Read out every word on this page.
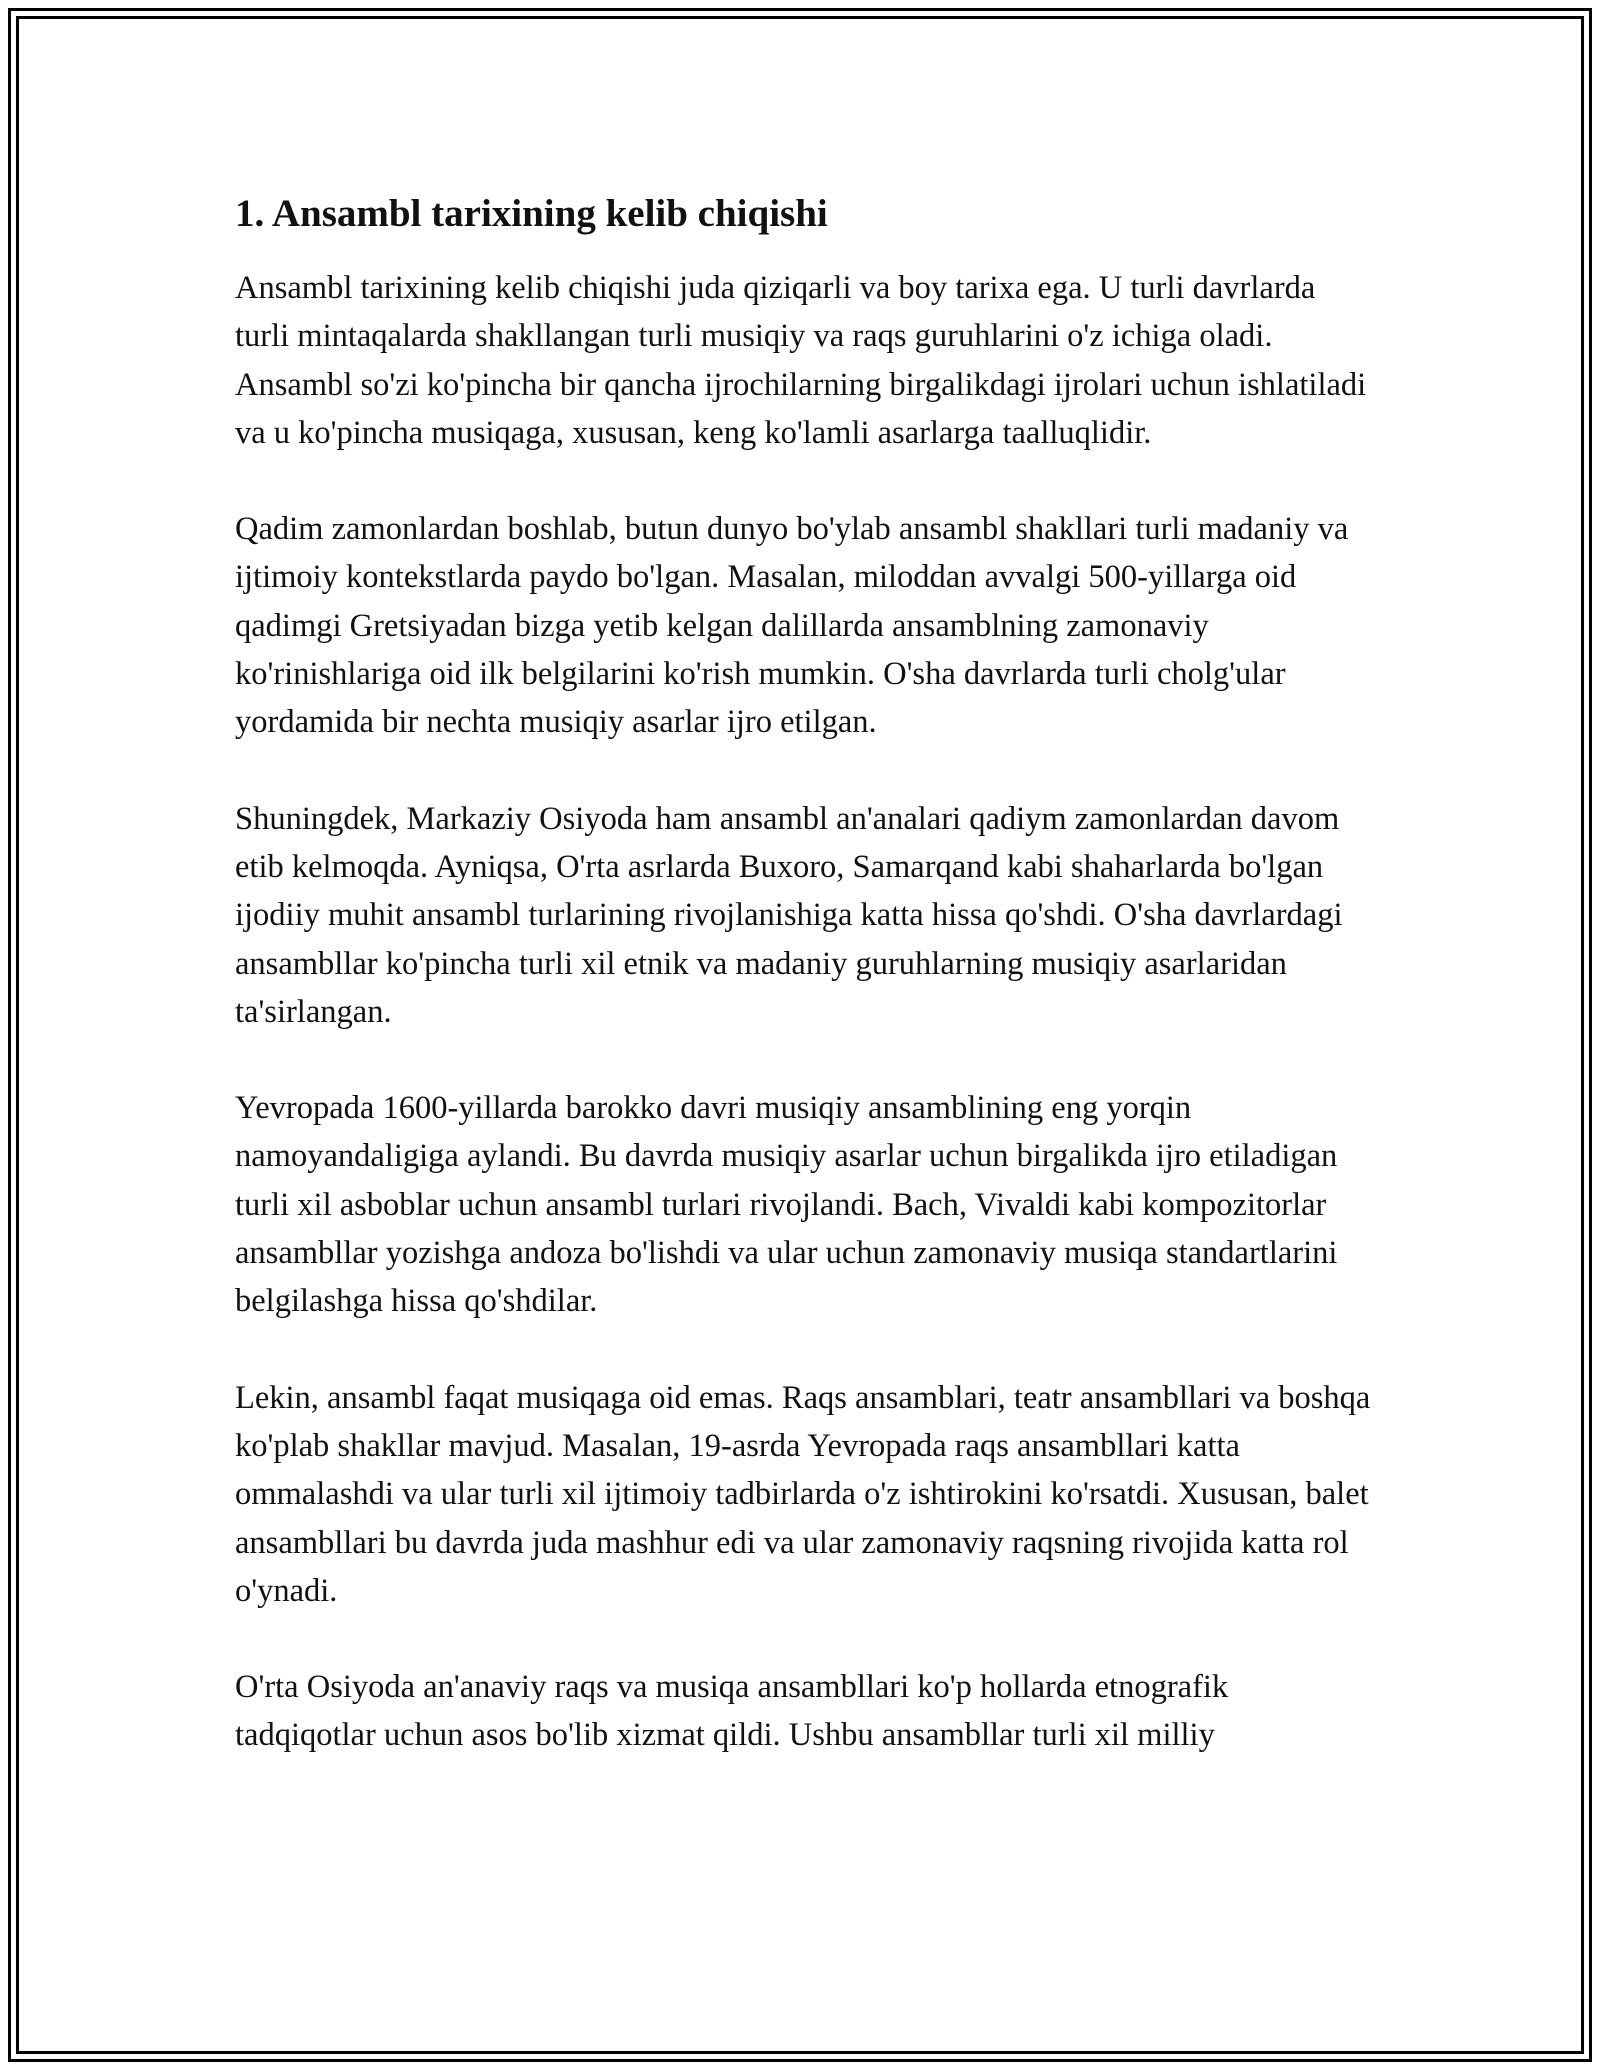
1. Ansambl tarixining kelib chiqishi

Ansambl tarixining kelib chiqishi juda qiziqarli va boy tarixa ega. U turli davrlarda turli mintaqalarda shakllangan turli musiqiy va raqs guruhlarini o'z ichiga oladi. Ansambl so'zi ko'pincha bir qancha ijrochilarning birgalikdagi ijrolari uchun ishlatiladi va u ko'pincha musiqaga, xususan, keng ko'lamli asarlarga taalluqlidir.

Qadim zamonlardan boshlab, butun dunyo bo'ylab ansambl shakllari turli madaniy va ijtimoiy kontekstlarda paydo bo'lgan. Masalan, miloddan avvalgi 500-yillarga oid qadimgi Gretsiyadan bizga yetib kelgan dalillarda ansamblning zamonaviy ko'rinishlariga oid ilk belgilarini ko'rish mumkin. O'sha davrlarda turli cholg'ular yordamida bir nechta musiqiy asarlar ijro etilgan.

Shuningdek, Markaziy Osiyoda ham ansambl an'analari qadiym zamonlardan davom etib kelmoqda. Ayniqsa, O'rta asrlarda Buxoro, Samarqand kabi shaharlarda bo'lgan ijodiiy muhit ansambl turlarining rivojlanishiga katta hissa qo'shdi. O'sha davrlardagi ansambllar ko'pincha turli xil etnik va madaniy guruhlarning musiqiy asarlaridan ta'sirlangan.

Yevropada 1600-yillarda barokko davri musiqiy ansamblining eng yorqin namoyandaligiga aylandi. Bu davrda musiqiy asarlar uchun birgalikda ijro etiladigan turli xil asboblar uchun ansambl turlari rivojlandi. Bach, Vivaldi kabi kompozitorlar ansambllar yozishga andoza bo'lishdi va ular uchun zamonaviy musiqa standartlarini belgilashga hissa qo'shdilar.

Lekin, ansambl faqat musiqaga oid emas. Raqs ansamblari, teatr ansambllari va boshqa ko'plab shakllar mavjud. Masalan, 19-asrda Yevropada raqs ansambllari katta ommalashdi va ular turli xil ijtimoiy tadbirlarda o'z ishtirokini ko'rsatdi. Xususan, balet ansambllari bu davrda juda mashhur edi va ular zamonaviy raqsning rivojida katta rol o'ynadi.

O'rta Osiyoda an'anaviy raqs va musiqa ansambllari ko'p hollarda etnografik tadqiqotlar uchun asos bo'lib xizmat qildi. Ushbu ansambllar turli xil milliy
